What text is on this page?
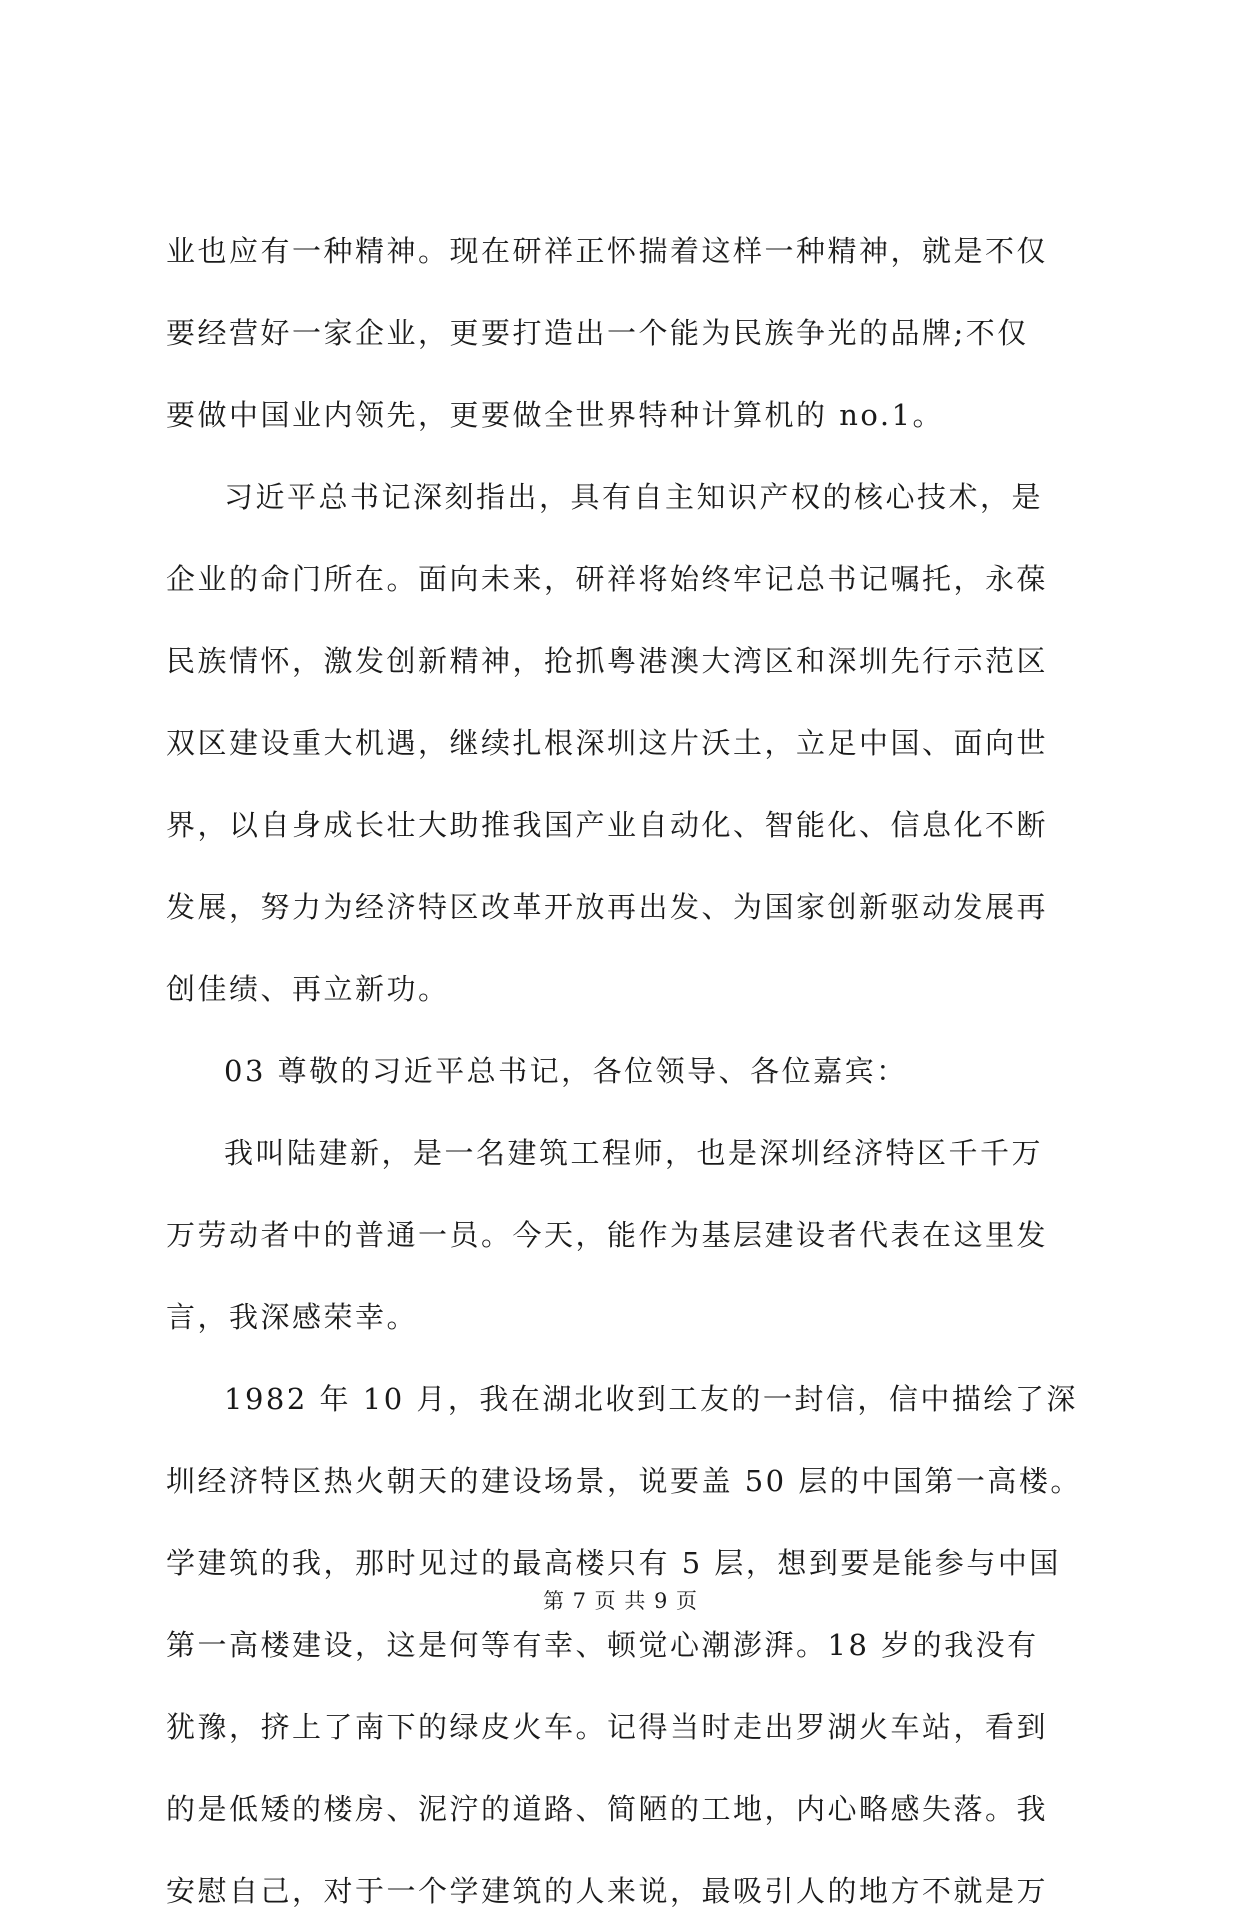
业也应有一种精神。现在研祥正怀揣着这样一种精神，就是不仅
要经营好一家企业，更要打造出一个能为民族争光的品牌;不仅
要做中国业内领先，更要做全世界特种计算机的 no.1。
习近平总书记深刻指出，具有自主知识产权的核心技术，是
企业的命门所在。面向未来，研祥将始终牢记总书记嘱托，永葆
民族情怀，激发创新精神，抢抓粤港澳大湾区和深圳先行示范区
双区建设重大机遇，继续扎根深圳这片沃土，立足中国、面向世
界，以自身成长壮大助推我国产业自动化、智能化、信息化不断
发展，努力为经济特区改革开放再出发、为国家创新驱动发展再
创佳绩、再立新功。
03 尊敬的习近平总书记，各位领导、各位嘉宾：
我叫陆建新，是一名建筑工程师，也是深圳经济特区千千万
万劳动者中的普通一员。今天，能作为基层建设者代表在这里发
言，我深感荣幸。
1982 年 10 月，我在湖北收到工友的一封信，信中描绘了深
圳经济特区热火朝天的建设场景，说要盖 50 层的中国第一高楼。
学建筑的我，那时见过的最高楼只有 5 层，想到要是能参与中国
第一高楼建设，这是何等有幸、顿觉心潮澎湃。18 岁的我没有
犹豫，挤上了南下的绿皮火车。记得当时走出罗湖火车站，看到
的是低矮的楼房、泥泞的道路、简陋的工地，内心略感失落。我
安慰自己，对于一个学建筑的人来说，最吸引人的地方不就是万
第 7 页 共 9 页
